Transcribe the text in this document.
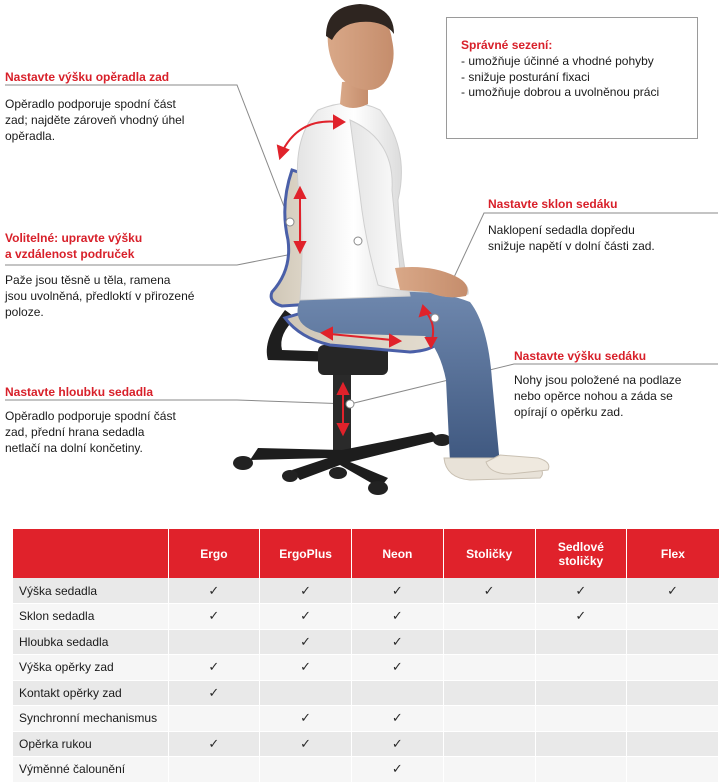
Nastavte výšku opěradla zad
Opěradlo podporuje spodní část
zad; najděte zároveň vhodný úhel
opěradla.
Volitelné: upravte výšku
a vzdálenost područek
Paže jsou těsně u těla, ramena
jsou uvolněná, předloktí v přirozené
poloze.
Nastavte hloubku sedadla
Opěradlo podporuje spodní část
zad, přední hrana sedadla
netlačí na dolní končetiny.
Nastavte sklon sedáku
Naklopení sedadla dopředu
snižuje napětí v dolní části zad.
Nastavte výšku sedáku
Nohy jsou položené na podlaze
nebo opěrce nohou a záda se
opírají o opěrku zad.
Správné sezení:
- umožňuje účinné a vhodné pohyby
- snižuje posturání fixaci
- umožňuje dobrou a uvolněnou práci
	Ergo	ErgoPlus	Neon	Stoličky	Sedlové
stoličky	Flex
Výška sedadla	✓	✓	✓	✓	✓	✓
Sklon sedadla	✓	✓	✓		✓	
Hloubka sedadla		✓	✓			
Výška opěrky zad	✓	✓	✓			
Kontakt opěrky zad	✓					
Synchronní mechanismus		✓	✓			
Opěrka rukou	✓	✓	✓			
Výměnné čalounění			✓			
